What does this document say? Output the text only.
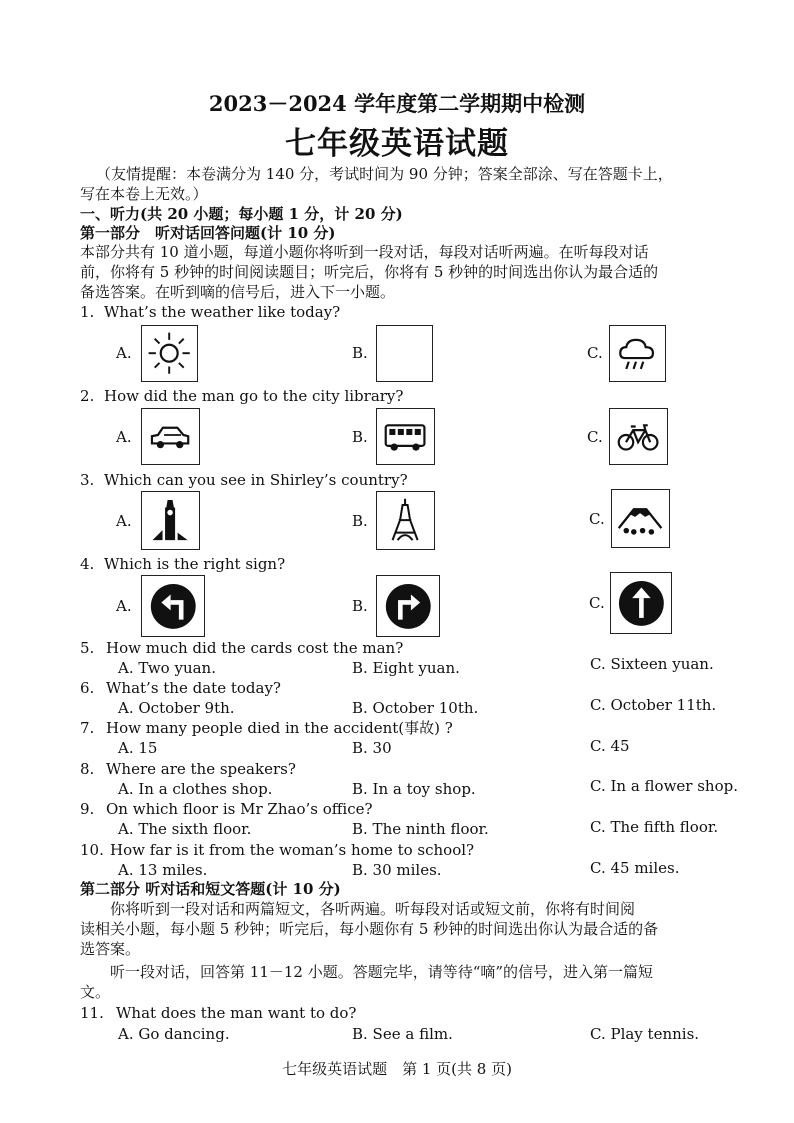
2023－2024 学年度第二学期期中检测
七年级英语试题
（友情提醒：本卷满分为 140 分，考试时间为 90 分钟；答案全部涂、写在答题卡上，
写在本卷上无效。）
一、听力(共 20 小题；每小题 1 分，计 20 分)
第一部分　听对话回答问题(计 10 分)
本部分共有 10 道小题，每道小题你将听到一段对话，每段对话听两遍。在听每段对话
前，你将有 5 秒钟的时间阅读题目；听完后，你将有 5 秒钟的时间选出你认为最合适的
备选答案。在听到嘀的信号后，进入下一小题。
1. What’s the weather like today?
A.	B.	C.
2. How did the man go to the city library?
A.	B.	C.
3. Which can you see in Shirley’s country?
A.	B.	C.
4. Which is the right sign?
A.	B.	C.
5. How much did the cards cost the man?
A. Two yuan.	B. Eight yuan.	C. Sixteen yuan.
6. What’s the date today?
A. October 9th.	B. October 10th.	C. October 11th.
7. How many people died in the accident(事故) ?
A. 15	B. 30	C. 45
8. Where are the speakers?
A. In a clothes shop.	B. In a toy shop.	C. In a flower shop.
9. On which floor is Mr Zhao’s office?
A. The sixth floor.	B. The ninth floor.	C. The fifth floor.
10. How far is it from the woman’s home to school?
A. 13 miles.	B. 30 miles.	C. 45 miles.
第二部分 听对话和短文答题(计 10 分)
　　你将听到一段对话和两篇短文，各听两遍。听每段对话或短文前，你将有时间阅
读相关小题，每小题 5 秒钟；听完后，每小题你有 5 秒钟的时间选出你认为最合适的备
选答案。
　　听一段对话，回答第 11－12 小题。答题完毕，请等待“嘀”的信号，进入第一篇短
文。
11. What does the man want to do?
A. Go dancing.	B. See a film.	C. Play tennis.
七年级英语试题　第 1 页(共 8 页)
